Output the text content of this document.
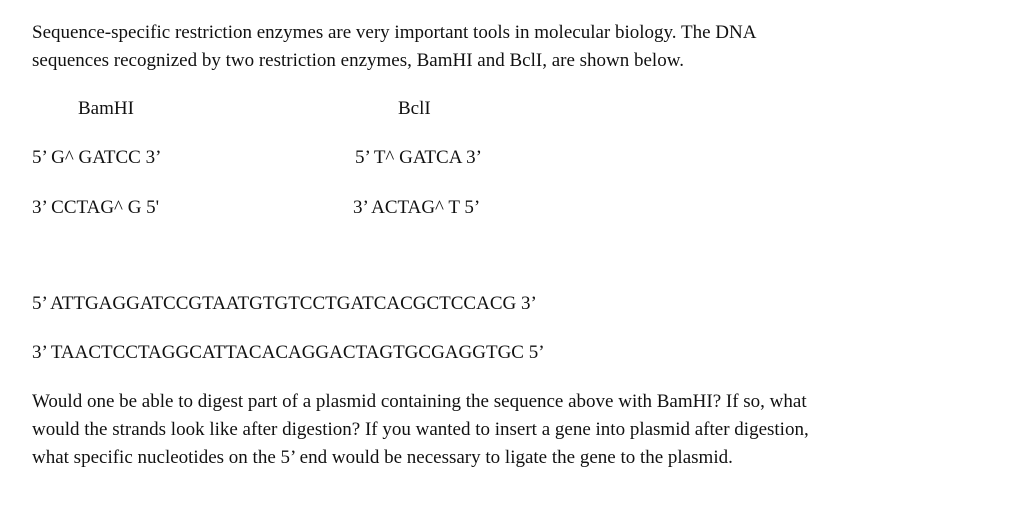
Sequence-specific restriction enzymes are very important tools in molecular biology. The DNA sequences recognized by two restriction enzymes, BamHI and BclI, are shown below.

BamHI	BclI
5’ G^ GATCC 3’
3’ CCTAG^ G 5'
5’ T^ GATCA 3’
3’ ACTAG^ T 5’
5’ ATTGAGGATCCGTAATGTGTCCTGATCACGCTCCACG 3’
3’ TAACTCCTAGGCATTACACAGGACTAGTGCGAGGTGC 5’

Would one be able to digest part of a plasmid containing the sequence above with BamHI? If so, what would the strands look like after digestion? If you wanted to insert a gene into plasmid after digestion, what specific nucleotides on the 5’ end would be necessary to ligate the gene to the plasmid.
